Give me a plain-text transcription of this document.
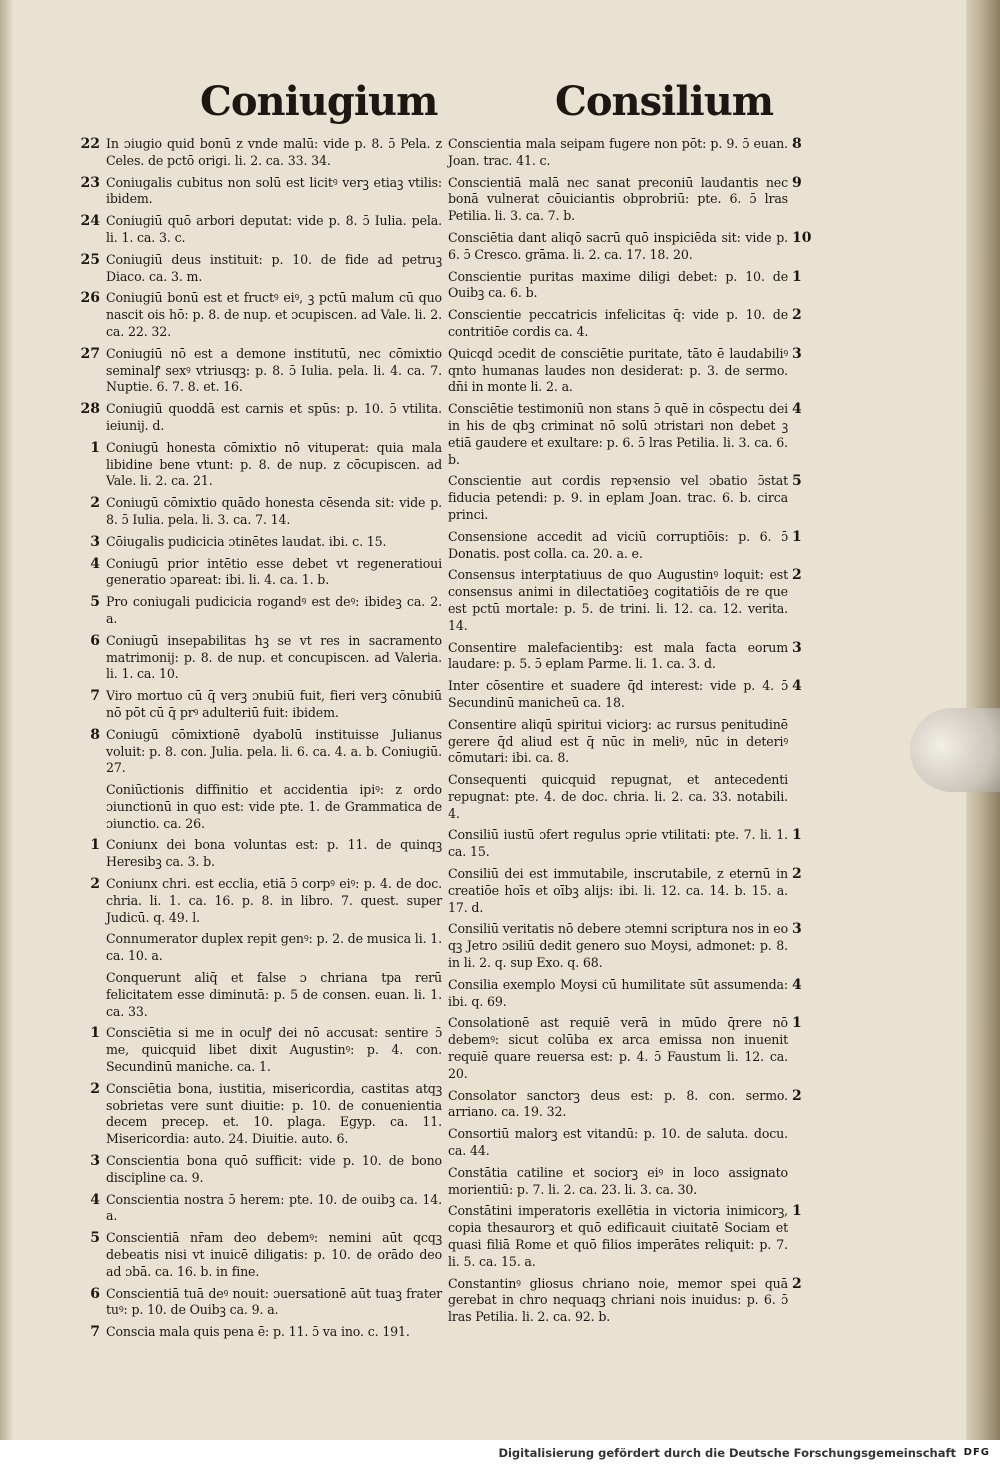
Coniugium	Consilium
22 In ɔiugio quid bonū z vnde malū: vide p. 8. ɔ̄ Pela. z Celes. de pctō origi. li. 2. ca. 33. 34.
23 Coniugalis cubitus non solū est licitꝰ verꝫ etiaꝫ vtilis: ibidem.
24 Coniugiū quō arbori deputat: vide p. 8. ɔ̄ Iulia. pela. li. 1. ca. 3. c.
25 Coniugiū deus instituit: p. 10. de fide ad petruꝫ Diaco. ca. 3. m.
26 Coniugiū bonū est et fructꝰ eiꝰ, ꝫ pctū malum cū quo nascit ois hō: p. 8. de nup. et ɔcupiscen. ad Vale. li. 2. ca. 22. 32.
27 Coniugiū nō est a demone institutū, nec cōmixtio seminalꝭ sexꝰ vtriusqꝫ: p. 8. ɔ̄ Iulia. pela. li. 4. ca. 7. Nuptie. 6. 7. 8. et. 16.
28 Coniugiū quoddā est carnis et spūs: p. 10. ɔ̄ vtilita. ieiunij. d.
1 Coniugū honesta cōmixtio nō vituperat: quia mala libidine bene vtunt: p. 8. de nup. z cōcupiscen. ad Vale. li. 2. ca. 21.
2 Coniugū cōmixtio quādo honesta cēsenda sit: vide p. 8. ɔ̄ Iulia. pela. li. 3. ca. 7. 14.
3 Cōiugalis pudicicia ɔtinētes laudat. ibi. c. 15.
4 Coniugū prior intētio esse debet vt regeneratioui generatio ɔpareat: ibi. li. 4. ca. 1. b.
5 Pro coniugali pudicicia rogandꝰ est deꝰ: ibideꝫ ca. 2. a.
6 Coniugū insepabilitas hꝫ se vt res in sacramento matrimonij: p. 8. de nup. et concupiscen. ad Valeria. li. 1. ca. 10.
7 Viro mortuo cū q̄ verꝫ ɔnubiū fuit, fieri verꝫ cōnubiū nō pōt cū q̄ prꝰ adulteriū fuit: ibidem.
8 Coniugū cōmixtionē dyabolū instituisse Julianus voluit: p. 8. con. Julia. pela. li. 6. ca. 4. a. b. Coniugiū. 27.
Coniūctionis diffinitio et accidentia ipiꝰ: z ordo ɔiunctionū in quo est: vide pte. 1. de Grammatica de ɔiunctio. ca. 26.
1 Coniunx dei bona voluntas est: p. 11. de quinqꝫ Heresibꝫ ca. 3. b.
2 Coniunx chri. est ecclia, etiā ɔ̄ corpꝰ eiꝰ: p. 4. de doc. chria. li. 1. ca. 16. p. 8. in libro. 7. quest. super Judicū. q. 49. l.
Connumerator duplex repit genꝰ: p. 2. de musica li. 1. ca. 10. a.
Conquerunt aliq̄ et false ɔ chriana tpa rerū felicitatem esse diminutā: p. 5 de consen. euan. li. 1. ca. 33.
1 Consciētia si me in oculꝭ dei nō accusat: sentire ɔ̄ me, quicquid libet dixit Augustinꝰ: p. 4. con. Secundinū maniche. ca. 1.
2 Consciētia bona, iustitia, misericordia, castitas atqꝫ sobrietas vere sunt diuitie: p. 10. de conuenientia decem precep. et. 10. plaga. Egyp. ca. 11. Misericordia: auto. 24. Diuitie. auto. 6.
3 Conscientia bona quō sufficit: vide p. 10. de bono discipline ca. 9.
4 Conscientia nostra ɔ̄ herem: pte. 10. de ouibꝫ ca. 14. a.
5 Conscientiā nr̄am deo debemꝰ: nemini aūt qcqꝫ debeatis nisi vt inuicē diligatis: p. 10. de orādo deo ad ɔbā. ca. 16. b. in fine.
6 Conscientiā tuā deꝰ nouit: ɔuersationē aūt tuaꝫ frater tuꝰ: p. 10. de Ouibꝫ ca. 9. a.
7 Conscia mala quis pena ē: p. 11. ɔ̄ va ino. c. 191.
8
Conscientia mala seipam fugere non pōt: p. 9. ɔ̄ euan. Joan. trac. 41. c.
9
Conscientiā malā nec sanat preconiū laudantis nec bonā vulnerat cōuiciantis obprobriū: pte. 6. ɔ̄ lras Petilia. li. 3. ca. 7. b.
10
Consciētia dant aliqō sacrū quō inspiciēda sit: vide p. 6. ɔ̄ Cresco. grāma. li. 2. ca. 17. 18. 20.
1
Conscientie puritas maxime diligi debet: p. 10. de Ouibꝫ ca. 6. b.
2
Conscientie peccatricis infelicitas q̄: vide p. 10. de contritiōe cordis ca. 4.
3
Quicqd ɔcedit de consciētie puritate, tāto ē laudabiliꝰ qnto humanas laudes non desiderat: p. 3. de sermo. dn̄i in monte li. 2. a.
4
Consciētie testimoniū non stans ɔ̄ quē in cōspectu dei in his de qbꝫ criminat nō solū ɔtristari non debet ꝫ etiā gaudere et exultare: p. 6. ɔ̄ lras Petilia. li. 3. ca. 6. b.
5
Conscientie aut cordis repꝛensio vel ɔbatio ɔ̄stat fiducia petendi: p. 9. in eplam Joan. trac. 6. b. circa princi.
1
Consensione accedit ad viciū corruptiōis: p. 6. ɔ̄ Donatis. post colla. ca. 20. a. e.
2
Consensus interptatiuus de quo Augustinꝰ loquit: est consensus animi in dilectatiōeꝫ cogitatiōis de re que est pctū mortale: p. 5. de trini. li. 12. ca. 12. verita. 14.
3
Consentire malefacientibꝫ: est mala facta eorum laudare: p. 5. ɔ̄ eplam Parme. li. 1. ca. 3. d.
4
Inter cōsentire et suadere q̄d interest: vide p. 4. ɔ̄ Secundinū manicheū ca. 18.
Consentire aliqū spiritui viciorꝫ: ac rursus penitudinē gerere q̄d aliud est q̄ nūc in meliꝰ, nūc in deteriꝰ cōmutari: ibi. ca. 8.
Consequenti quicquid repugnat, et antecedenti repugnat: pte. 4. de doc. chria. li. 2. ca. 33. notabili. 4.
1
Consiliū iustū ɔfert regulus ɔprie vtilitati: pte. 7. li. 1. ca. 15.
2
Consiliū dei est immutabile, inscrutabile, z eternū in creatiōe hoīs et oībꝫ alijs: ibi. li. 12. ca. 14. b. 15. a. 17. d.
3
Consiliū veritatis nō debere ɔtemni scriptura nos in eo qꝫ Jetro ɔsiliū dedit genero suo Moysi, admonet: p. 8. in li. 2. q. sup Exo. q. 68.
4
Consilia exemplo Moysi cū humilitate sūt assumenda: ibi. q. 69.
1
Consolationē ast requiē verā in mūdo q̄rere nō debemꝰ: sicut colūba ex arca emissa non inuenit requiē quare reuersa est: p. 4. ɔ̄ Faustum li. 12. ca. 20.
2
Consolator sanctorꝫ deus est: p. 8. con. sermo. arriano. ca. 19. 32.
Consortiū malorꝫ est vitandū: p. 10. de saluta. docu. ca. 44.
Constātia catiline et sociorꝫ eiꝰ in loco assignato morientiū: p. 7. li. 2. ca. 23. li. 3. ca. 30.
1
Constātini imperatoris exellētia in victoria inimicorꝫ, copia thesaurorꝫ et quō edificauit ciuitatē Sociam et quasi filiā Rome et quō filios imperātes reliquit: p. 7. li. 5. ca. 15. a.
2
Constantinꝰ gliosus chriano noie, memor spei quā gerebat in chro nequaqꝫ chriani nois inuidus: p. 6. ɔ̄ lras Petilia. li. 2. ca. 92. b.
Digitalisierung gefördert durch die Deutsche Forschungsgemeinschaft DFG
